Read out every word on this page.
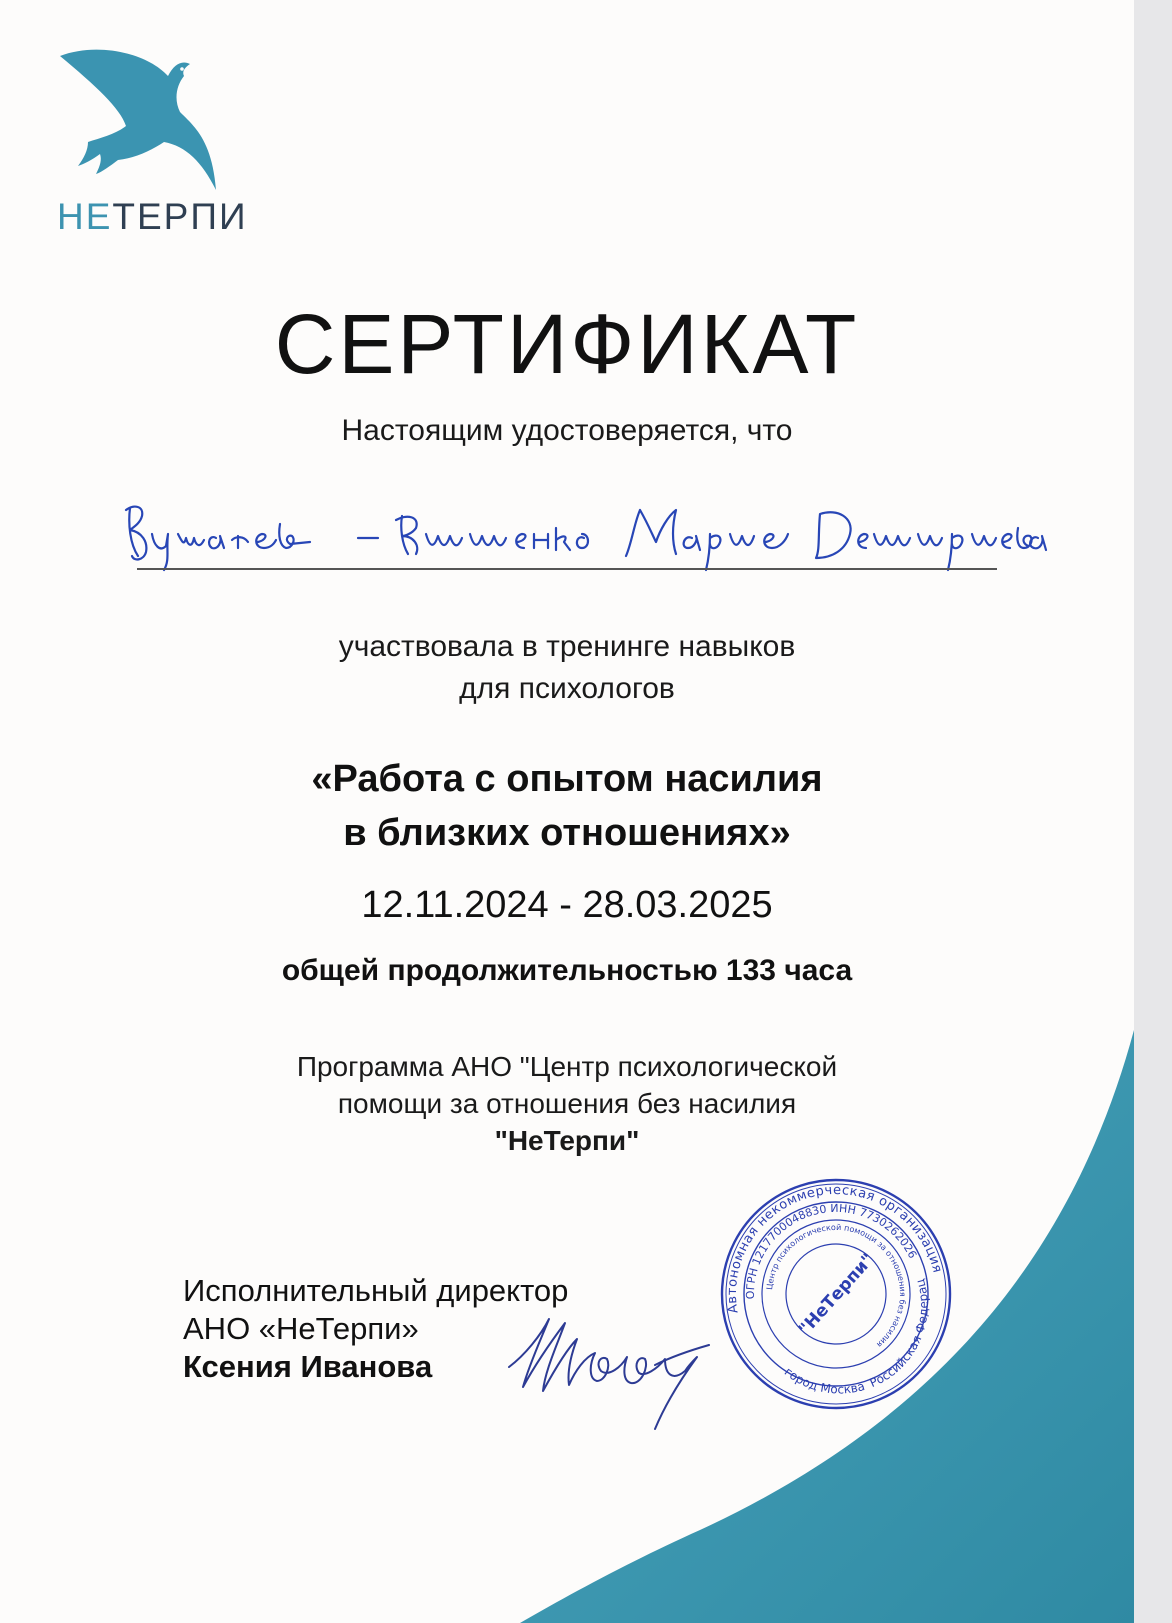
НЕТЕРПИ
СЕРТИФИКАТ
Настоящим удостоверяется, что
участвовала в тренинге навыков
для психологов
«Работа с опытом насилия
в близких отношениях»
12.11.2024 - 28.03.2025
общей продолжительностью 133 часа
Программа АНО "Центр психологической
помощи за отношения без насилия
"НеТерпи"
Исполнительный директор
АНО «НеТерпи»
Ксения Иванова
Автономная некоммерческая организация
ОГРН 1217700048830 ИНН 7730262026
Центр психологической помощи за отношения без насилия
город Москва Российская Федерация
"НеТерпи"
